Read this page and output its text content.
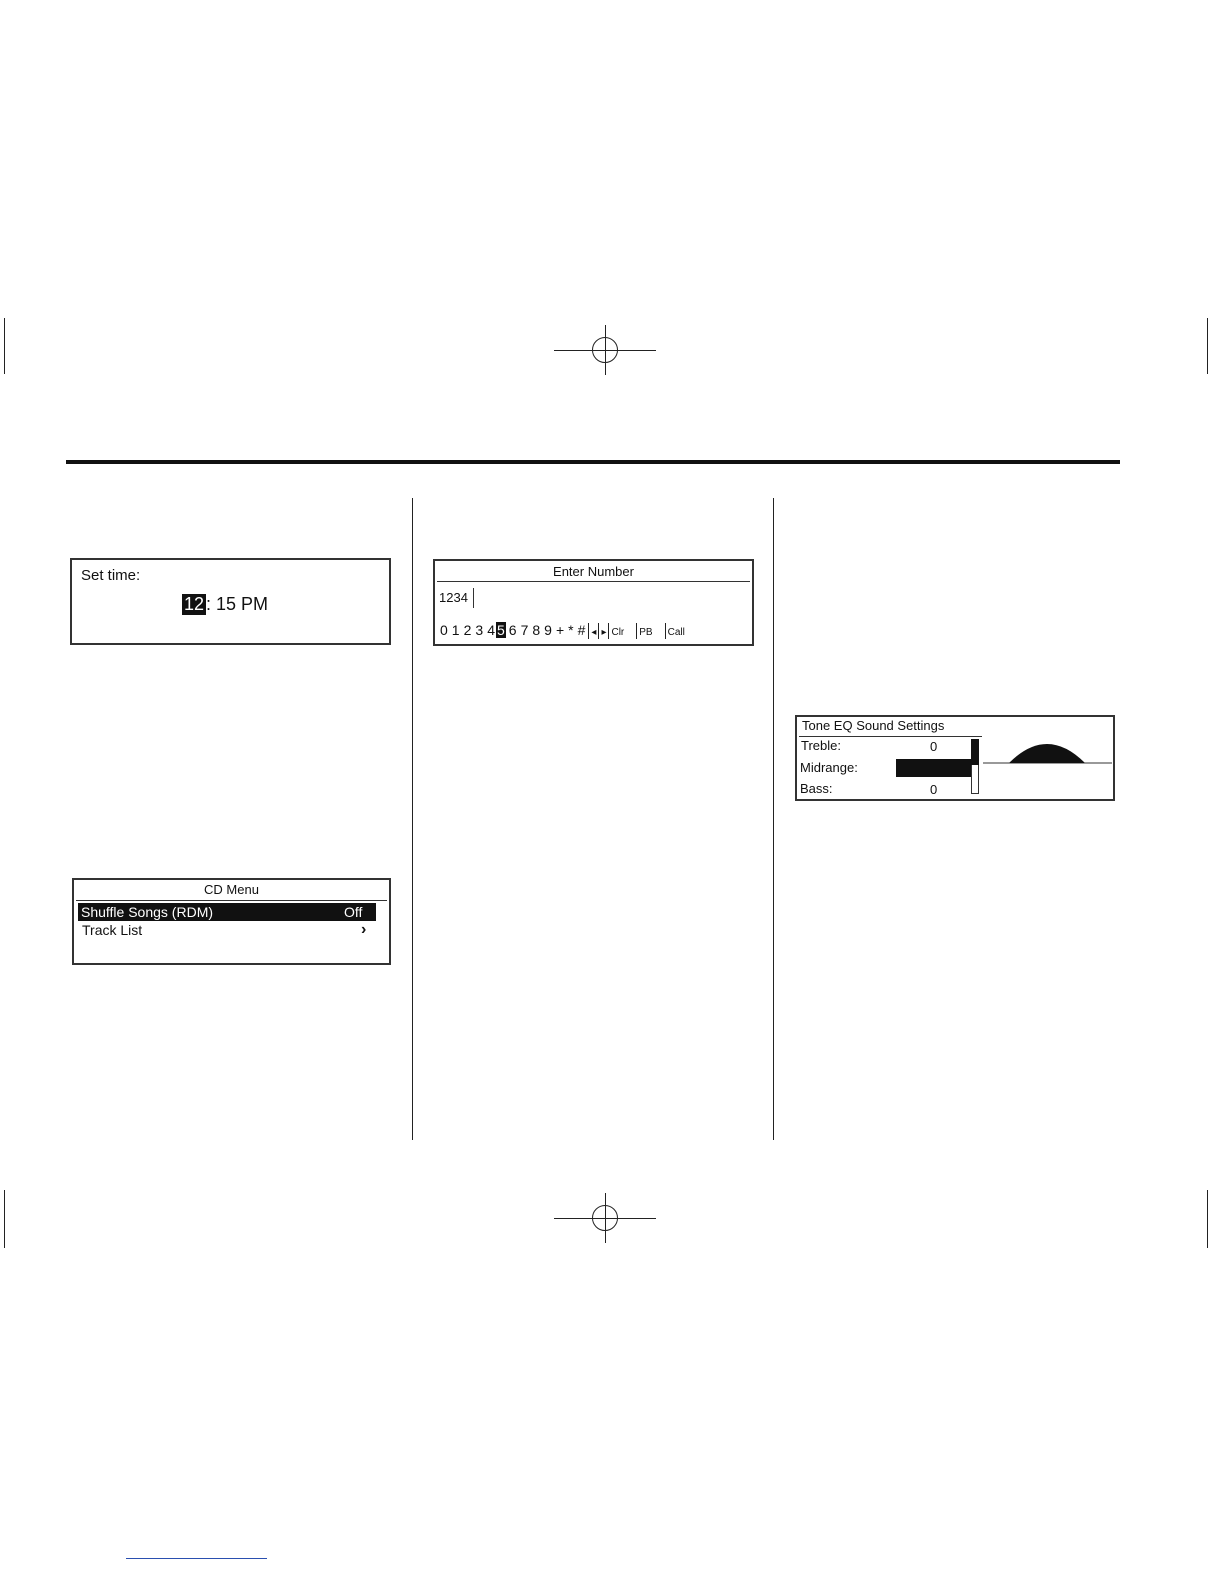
Set time:
12 : 15 PM
Enter Number
1234
0 1 2 3 4 5 6 7 8 9 + * # ◂ ▸ Clr PB Call
CD Menu
Shuffle Songs (RDM)	Off
Track List	›
Tone EQ Sound Settings
Treble:	0
Midrange:
Bass:	0
